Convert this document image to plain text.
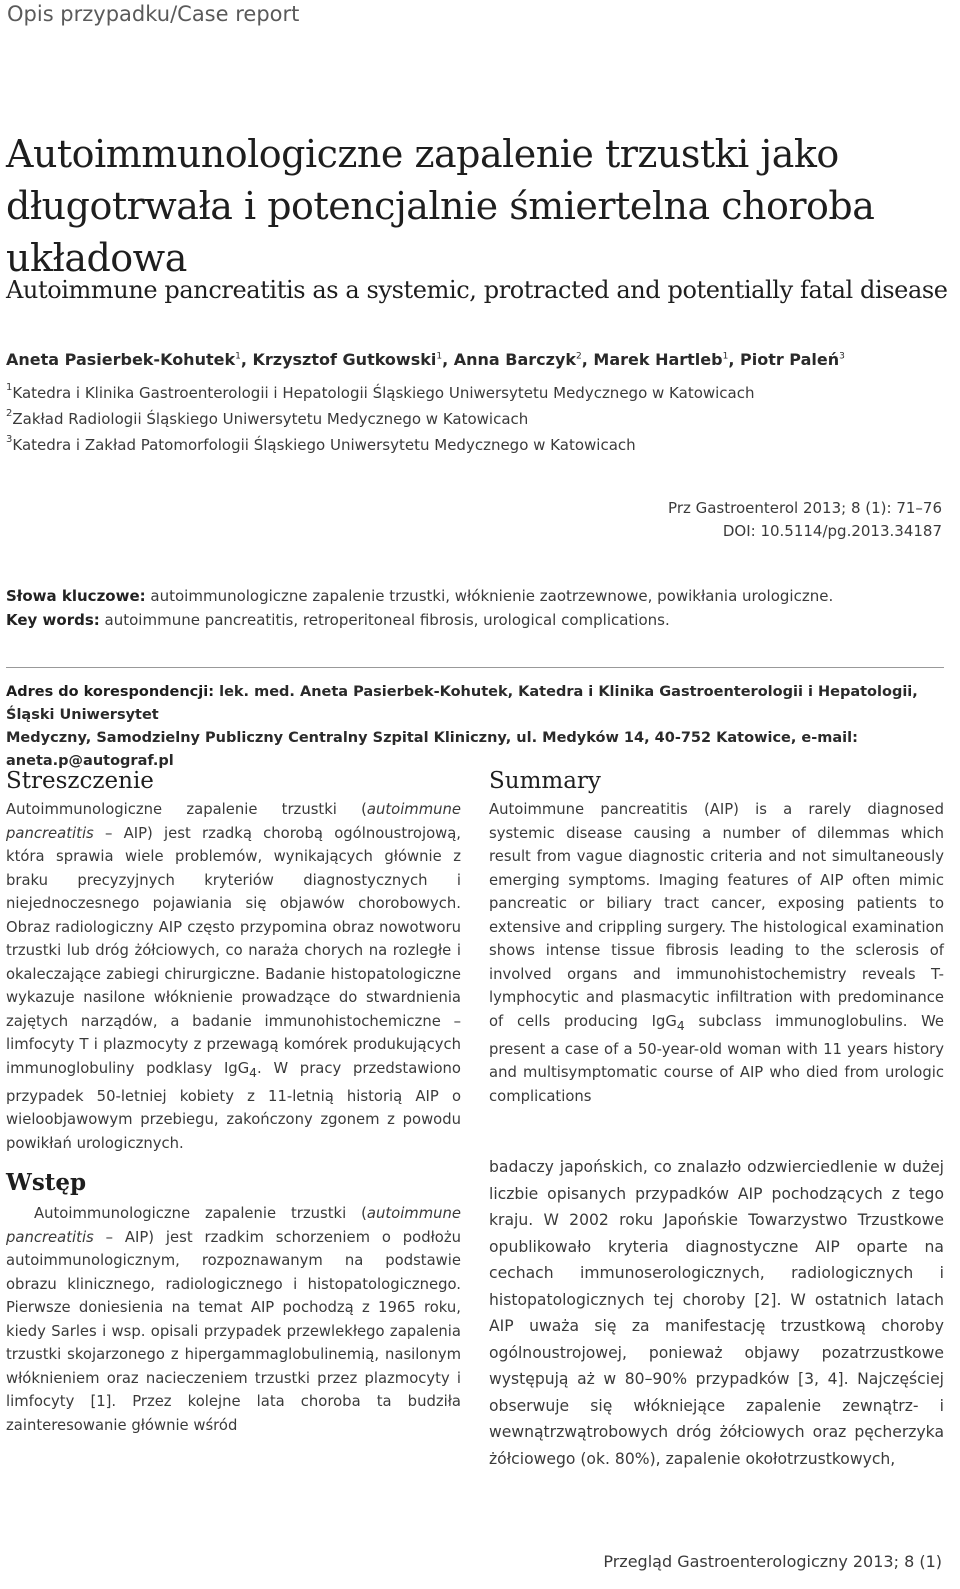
Opis przypadku/Case report
Autoimmunologiczne zapalenie trzustki jako
długotrwała i potencjalnie śmiertelna choroba
układowa
Autoimmune pancreatitis as a systemic, protracted and potentially fatal disease
Aneta Pasierbek-Kohutek$^1$, Krzysztof Gutkowski$^1$, Anna Barczyk$^2$, Marek Hartleb$^1$, Piotr Paleń$^3$
$^1$Katedra i Klinika Gastroenterologii i Hepatologii Śląskiego Uniwersytetu Medycznego w Katowicach
$^2$Zakład Radiologii Śląskiego Uniwersytetu Medycznego w Katowicach
$^3$Katedra i Zakład Patomorfologii Śląskiego Uniwersytetu Medycznego w Katowicach
Prz Gastroenterol 2013; 8 (1): 71–76
DOI: 10.5114/pg.2013.34187
Słowa kluczowe: autoimmunologiczne zapalenie trzustki, włóknienie zaotrzewnowe, powikłania urologiczne.
Key words: autoimmune pancreatitis, retroperitoneal fibrosis, urological complications.
Adres do korespondencji: lek. med. Aneta Pasierbek-Kohutek, Katedra i Klinika Gastroenterologii i Hepatologii, Śląski Uniwersytet
Medyczny, Samodzielny Publiczny Centralny Szpital Kliniczny, ul. Medyków 14, 40-752 Katowice, e-mail: aneta.p@autograf.pl
Streszczenie
Autoimmunologiczne zapalenie trzustki (autoimmune pancreatitis – AIP) jest rzadką chorobą ogólnoustrojową, która sprawia wiele problemów, wynikających głównie z braku precyzyjnych kryteriów diagnostycznych i niejednoczesnego pojawiania się objawów chorobowych. Obraz radiologiczny AIP często przypomina obraz nowotworu trzustki lub dróg żółciowych, co naraża chorych na rozległe i okaleczające zabiegi chirurgiczne. Badanie histopatologiczne wykazuje nasilone włóknienie prowadzące do stwardnienia zajętych narządów, a badanie immunohistochemiczne – limfocyty T i plazmocyty z przewagą komórek produkujących immunoglobuliny podklasy IgG$_4$. W pracy przedstawiono przypadek 50-letniej kobiety z 11-letnią historią AIP o wieloobjawowym przebiegu, zakończony zgonem z powodu powikłań urologicznych.
Summary
Autoimmune pancreatitis (AIP) is a rarely diagnosed systemic disease causing a number of dilemmas which result from vague diagnostic criteria and not simultaneously emerging symptoms. Imaging features of AIP often mimic pancreatic or biliary tract cancer, exposing patients to extensive and crippling surgery. The histological examination shows intense tissue fibrosis leading to the sclerosis of involved organs and immunohistochemistry reveals T-lymphocytic and plasmacytic infiltration with predominance of cells producing IgG$_4$ subclass immunoglobulins. We present a case of a 50-year-old woman with 11 years history and multisymptomatic course of AIP who died from urologic complications
Wstęp
Autoimmunologiczne zapalenie trzustki (autoimmune pancreatitis – AIP) jest rzadkim schorzeniem o podłożu autoimmunologicznym, rozpoznawanym na podstawie obrazu klinicznego, radiologicznego i histopatologicznego. Pierwsze doniesienia na temat AIP pochodzą z 1965 roku, kiedy Sarles i wsp. opisali przypadek przewlekłego zapalenia trzustki skojarzonego z hipergammaglobulinemią, nasilonym włóknieniem oraz nacieczeniem trzustki przez plazmocyty i limfocyty [1]. Przez kolejne lata choroba ta budziła zainteresowanie głównie wśród
badaczy japońskich, co znalazło odzwierciedlenie w dużej liczbie opisanych przypadków AIP pochodzących z tego kraju. W 2002 roku Japońskie Towarzystwo Trzustkowe opublikowało kryteria diagnostyczne AIP oparte na cechach immunoserologicznych, radiologicznych i histopatologicznych tej choroby [2]. W ostatnich latach AIP uważa się za manifestację trzustkową choroby ogólnoustrojowej, ponieważ objawy pozatrzustkowe występują aż w 80–90% przypadków [3, 4]. Najczęściej obserwuje się włókniejące zapalenie zewnątrz- i wewnątrzwątrobowych dróg żółciowych oraz pęcherzyka żółciowego (ok. 80%), zapalenie okołotrzustkowych,
Przegląd Gastroenterologiczny 2013; 8 (1)
